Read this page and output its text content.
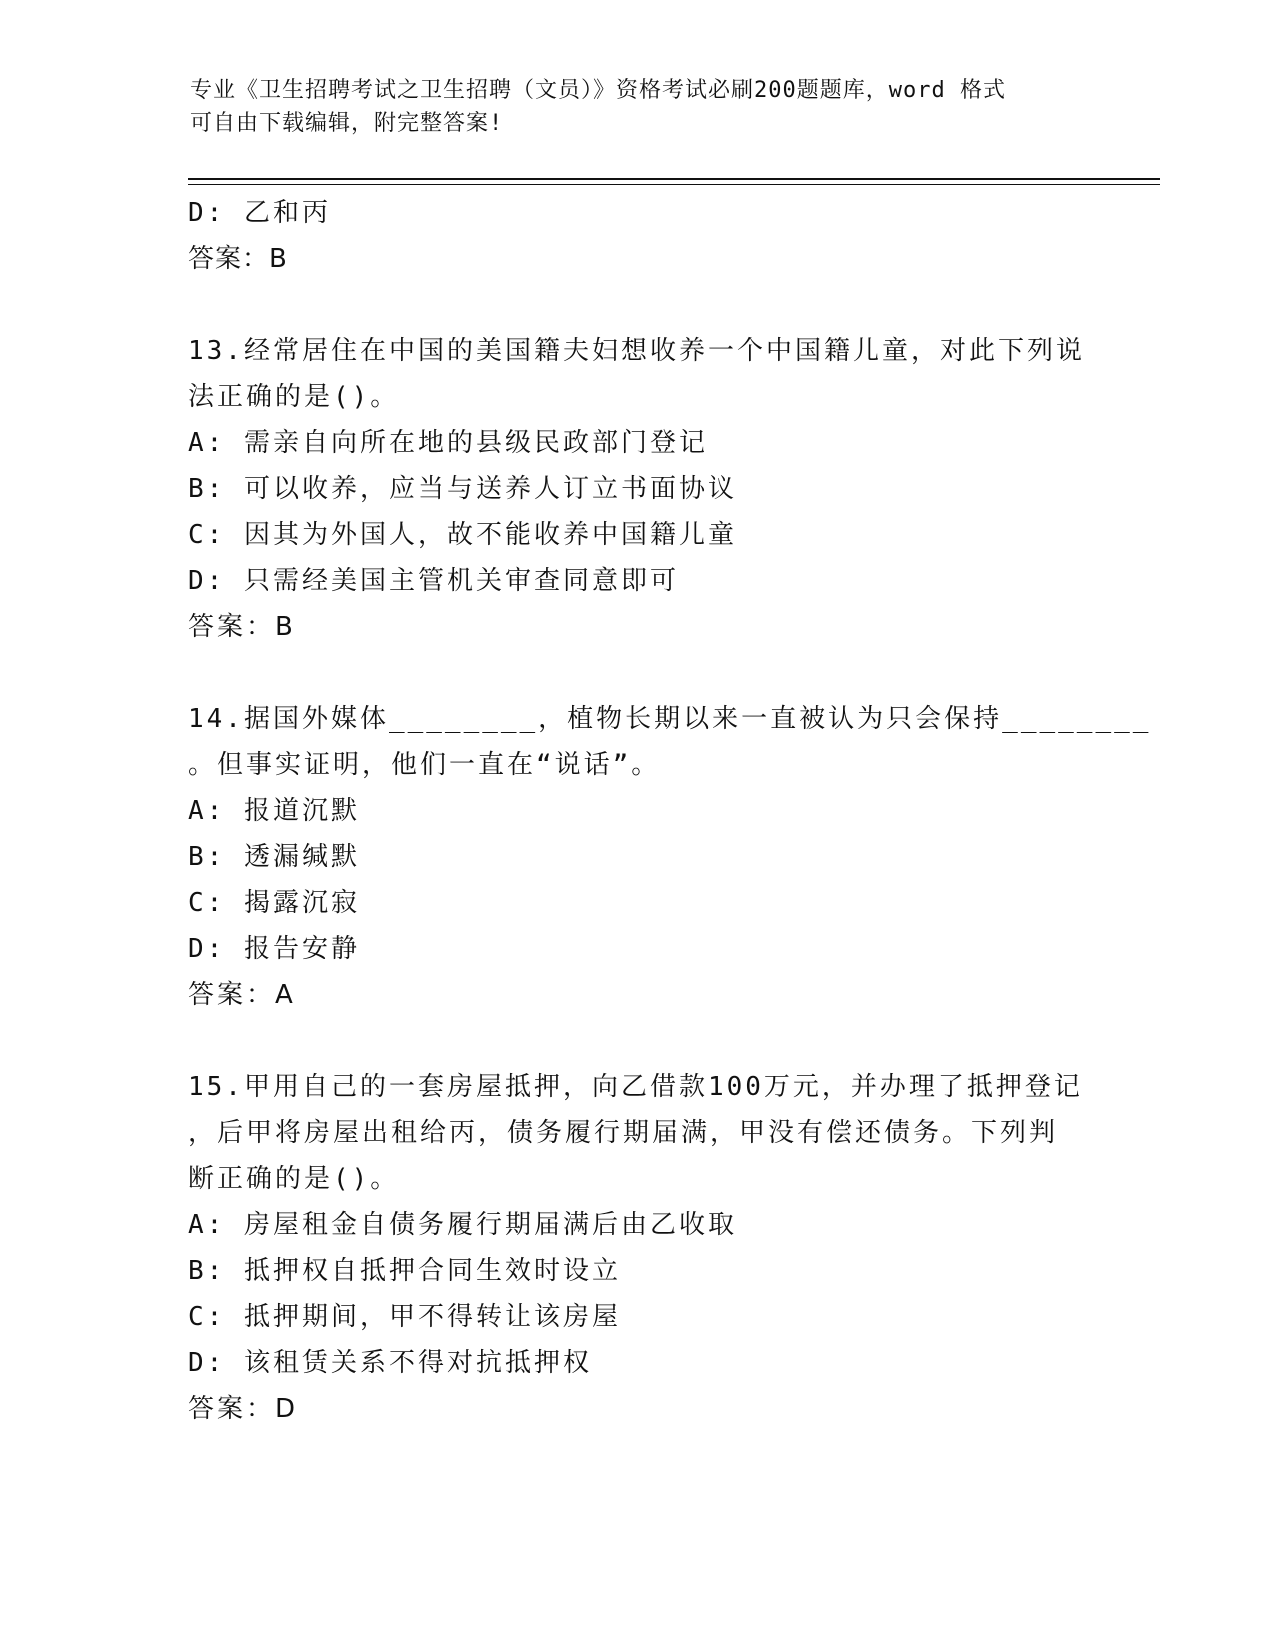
专业《卫生招聘考试之卫生招聘（文员）》资格考试必刷200题题库，word 格式
可自由下载编辑，附完整答案!
D: 乙和丙
答案：B
13.经常居住在中国的美国籍夫妇想收养一个中国籍儿童，对此下列说
法正确的是()。
A: 需亲自向所在地的县级民政部门登记
B: 可以收养，应当与送养人订立书面协议
C: 因其为外国人，故不能收养中国籍儿童
D: 只需经美国主管机关审查同意即可
答案：B
14.据国外媒体________，植物长期以来一直被认为只会保持________
。但事实证明，他们一直在“说话”。
A: 报道沉默
B: 透漏缄默
C: 揭露沉寂
D: 报告安静
答案：A
15.甲用自己的一套房屋抵押，向乙借款100万元，并办理了抵押登记
，后甲将房屋出租给丙，债务履行期届满，甲没有偿还债务。下列判
断正确的是()。
A: 房屋租金自债务履行期届满后由乙收取
B: 抵押权自抵押合同生效时设立
C: 抵押期间，甲不得转让该房屋
D: 该租赁关系不得对抗抵押权
答案：D
